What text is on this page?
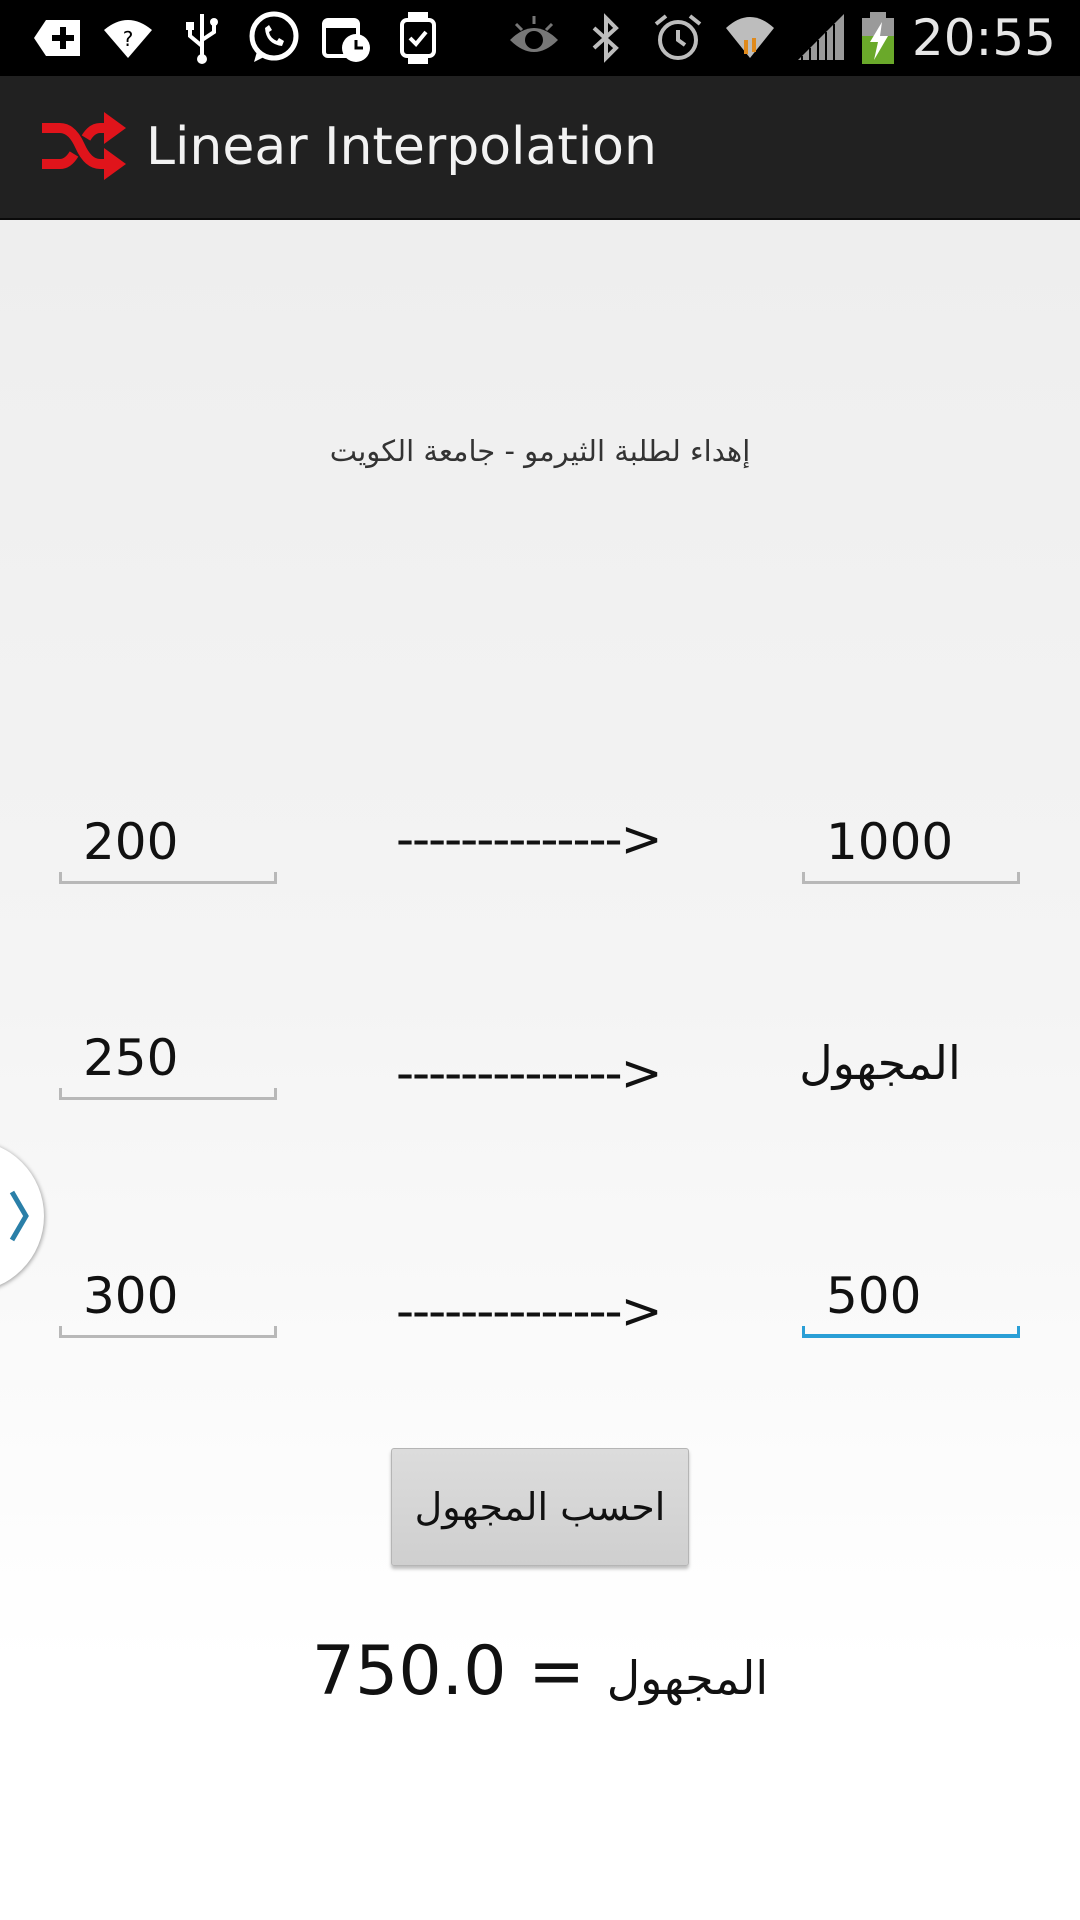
?	20:55
Linear Interpolation
إهداء لطلبة الثيرمو - جامعة الكويت
200
-------------->
1000
250
-------------->	المجهول
300
-------------->
500
احسب المجهول
750.0 = المجهول
